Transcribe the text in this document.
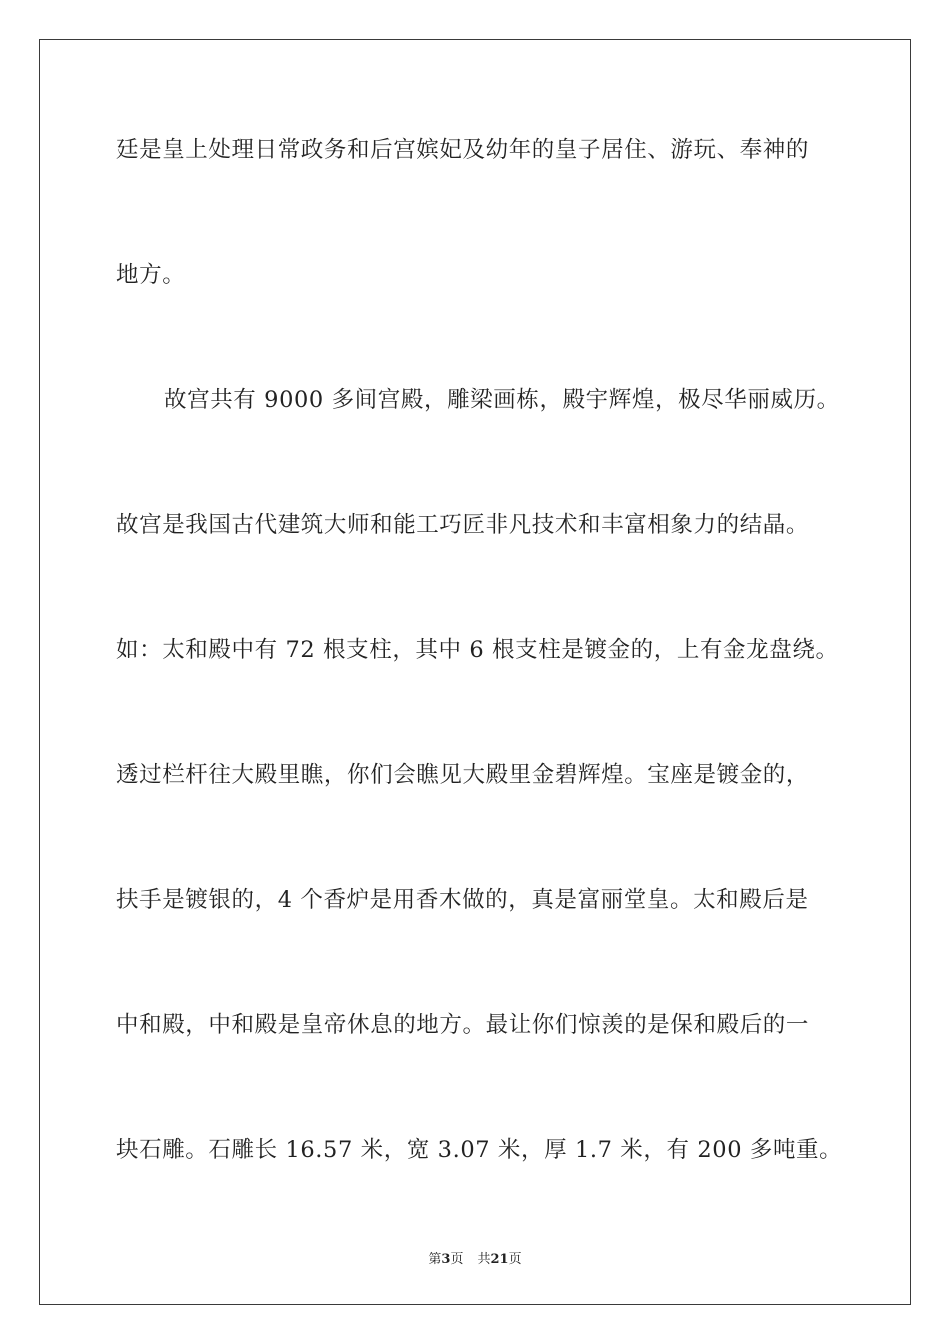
廷是皇上处理日常政务和后宫嫔妃及幼年的皇子居住、游玩、奉神的
地方。
故宫共有 9000 多间宫殿，雕梁画栋，殿宇辉煌，极尽华丽威历。
故宫是我国古代建筑大师和能工巧匠非凡技术和丰富相象力的结晶。
如：太和殿中有 72 根支柱，其中 6 根支柱是镀金的，上有金龙盘绕。
透过栏杆往大殿里瞧，你们会瞧见大殿里金碧辉煌。宝座是镀金的，
扶手是镀银的，4 个香炉是用香木做的，真是富丽堂皇。太和殿后是
中和殿，中和殿是皇帝休息的地方。最让你们惊羡的是保和殿后的一
块石雕。石雕长 16.57 米，宽 3.07 米，厚 1.7 米，有 200 多吨重。
第3页 共21页
